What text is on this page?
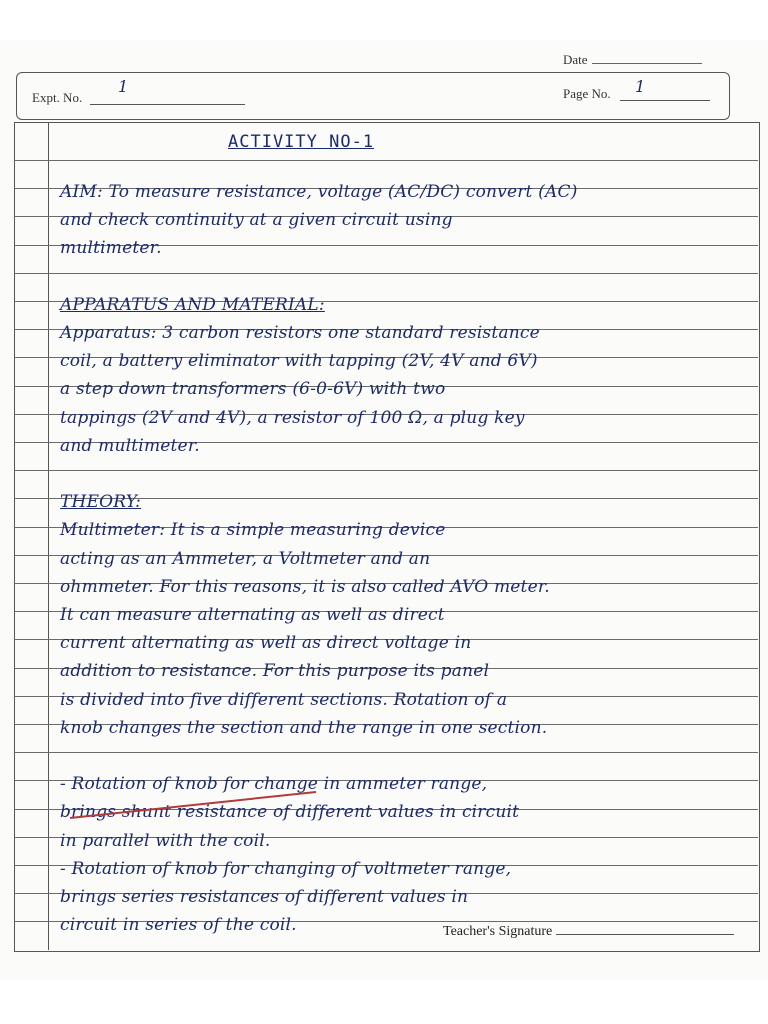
Date
Expt. No.
1	Page No. 1
ACTIVITY NO-1
AIM: To measure resistance, voltage (AC/DC) convert (AC)
and check continuity at a given circuit using
multimeter.
APPARATUS AND MATERIAL:
Apparatus: 3 carbon resistors one standard resistance
coil, a battery eliminator with tapping (2V, 4V and 6V)
a step down transformers (6-0-6V) with two
tappings (2V and 4V), a resistor of 100 Ω, a plug key
and multimeter.
THEORY:
Multimeter: It is a simple measuring device
acting as an Ammeter, a Voltmeter and an
ohmmeter. For this reasons, it is also called AVO meter.
It can measure alternating as well as direct
current alternating as well as direct voltage in
addition to resistance. For this purpose its panel
is divided into five different sections. Rotation of a
knob changes the section and the range in one section.
- Rotation of knob for change in ammeter range,
brings shunt resistance of different values in circuit
in parallel with the coil.
- Rotation of knob for changing of voltmeter range,
brings series resistances of different values in
circuit in series of the coil.	Teacher's Signature
